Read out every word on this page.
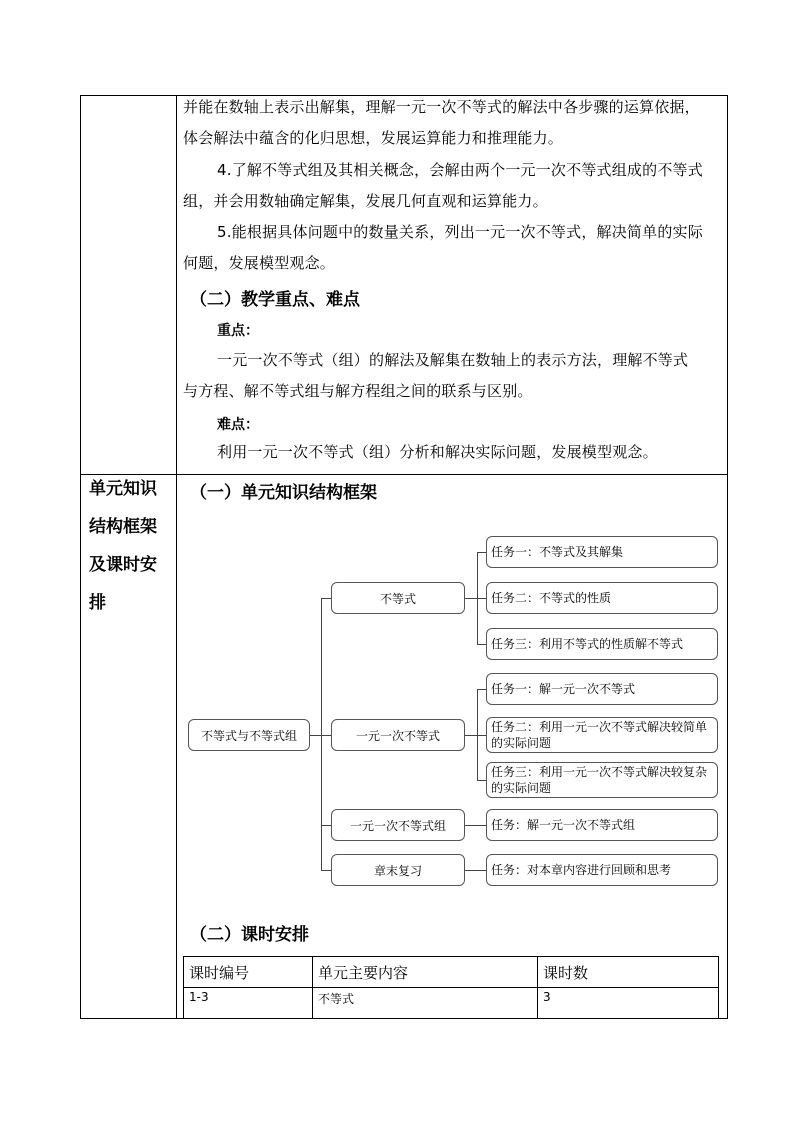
并能在数轴上表示出解集，理解一元一次不等式的解法中各步骤的运算依据，
体会解法中蕴含的化归思想，发展运算能力和推理能力。
4.了解不等式组及其相关概念，会解由两个一元一次不等式组成的不等式
组，并会用数轴确定解集，发展几何直观和运算能力。
5.能根据具体问题中的数量关系，列出一元一次不等式，解决简单的实际
何题，发展模型观念。
（二）教学重点、难点
重点：
一元一次不等式（组）的解法及解集在数轴上的表示方法，理解不等式
与方程、解不等式组与解方程组之间的联系与区别。
难点：
利用一元一次不等式（组）分析和解决实际问题，发展模型观念。
单元知识
结构框架
及课时安
排
（一）单元知识结构框架
不等式与不等式组
不等式
一元一次不等式
一元一次不等式组
章末复习
任务一：不等式及其解集
任务二：不等式的性质
任务三：利用不等式的性质解不等式
任务一：解一元一次不等式
任务二：利用一元一次不等式解决较简单的实际问题
任务三：利用一元一次不等式解决较复杂的实际问题
任务：解一元一次不等式组
任务：对本章内容进行回顾和思考
（二）课时安排
课时编号	单元主要内容	课时数
1-3	不等式	3
